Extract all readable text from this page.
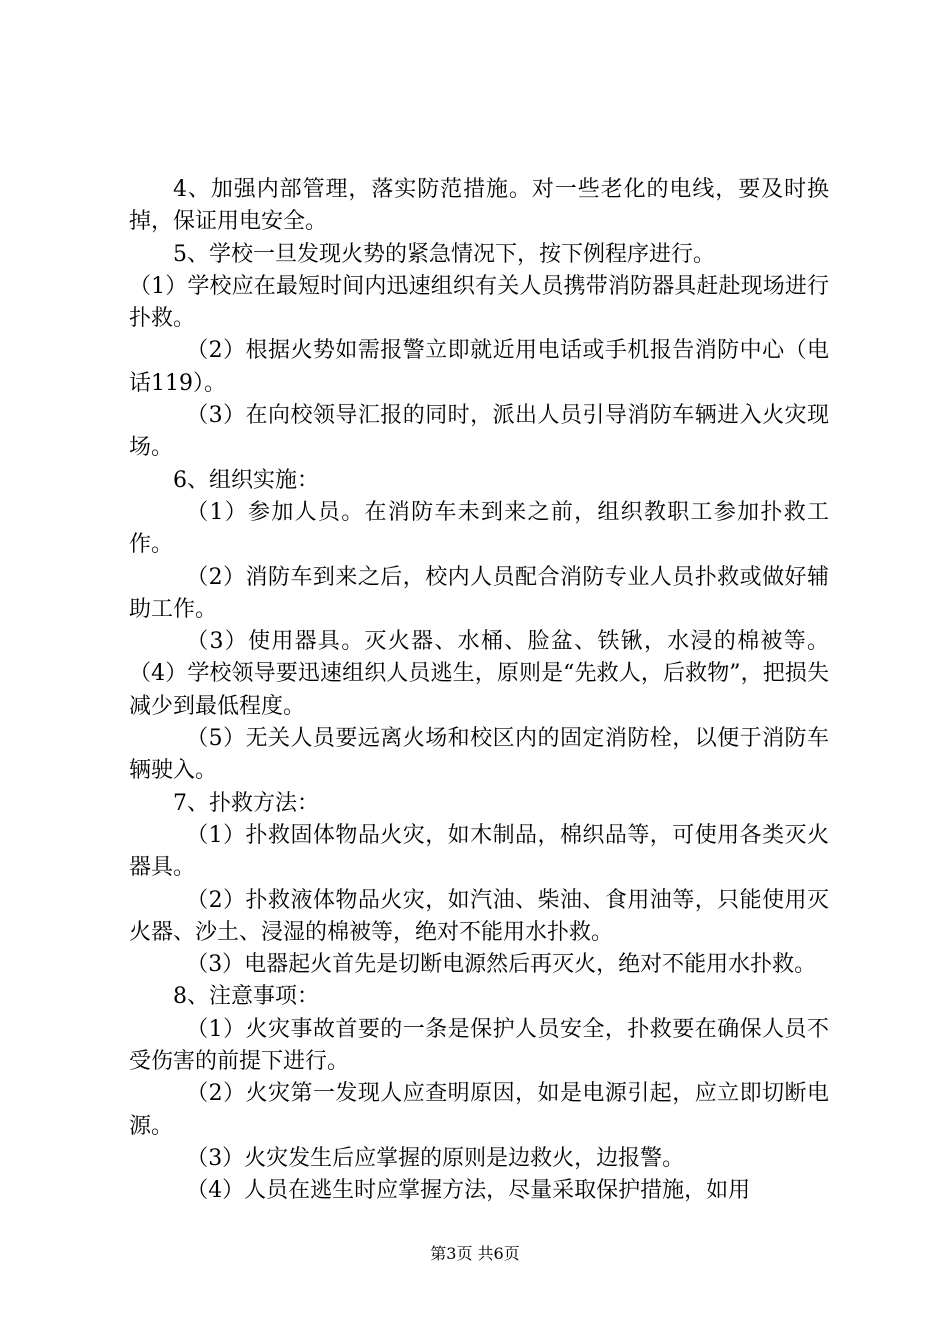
4、加强内部管理，落实防范措施。对一些老化的电线，要及时换掉，保证用电安全。

5、学校一旦发现火势的紧急情况下，按下例程序进行。

（1）学校应在最短时间内迅速组织有关人员携带消防器具赶赴现场进行扑救。

（2）根据火势如需报警立即就近用电话或手机报告消防中心（电话119）。

（3）在向校领导汇报的同时，派出人员引导消防车辆进入火灾现场。

6、组织实施：

（1）参加人员。在消防车未到来之前，组织教职工参加扑救工作。

（2）消防车到来之后，校内人员配合消防专业人员扑救或做好辅助工作。

（3）使用器具。灭火器、水桶、脸盆、铁锹，水浸的棉被等。（4）学校领导要迅速组织人员逃生，原则是“先救人，后救物”，把损失减少到最低程度。

（5）无关人员要远离火场和校区内的固定消防栓，以便于消防车辆驶入。

7、扑救方法：

（1）扑救固体物品火灾，如木制品，棉织品等，可使用各类灭火器具。

（2）扑救液体物品火灾，如汽油、柴油、食用油等，只能使用灭火器、沙土、浸湿的棉被等，绝对不能用水扑救。

（3）电器起火首先是切断电源然后再灭火，绝对不能用水扑救。

8、注意事项：

（1）火灾事故首要的一条是保护人员安全，扑救要在确保人员不受伤害的前提下进行。

（2）火灾第一发现人应查明原因，如是电源引起，应立即切断电源。

（3）火灾发生后应掌握的原则是边救火，边报警。

（4）人员在逃生时应掌握方法，尽量采取保护措施，如用

第3页 共6页
